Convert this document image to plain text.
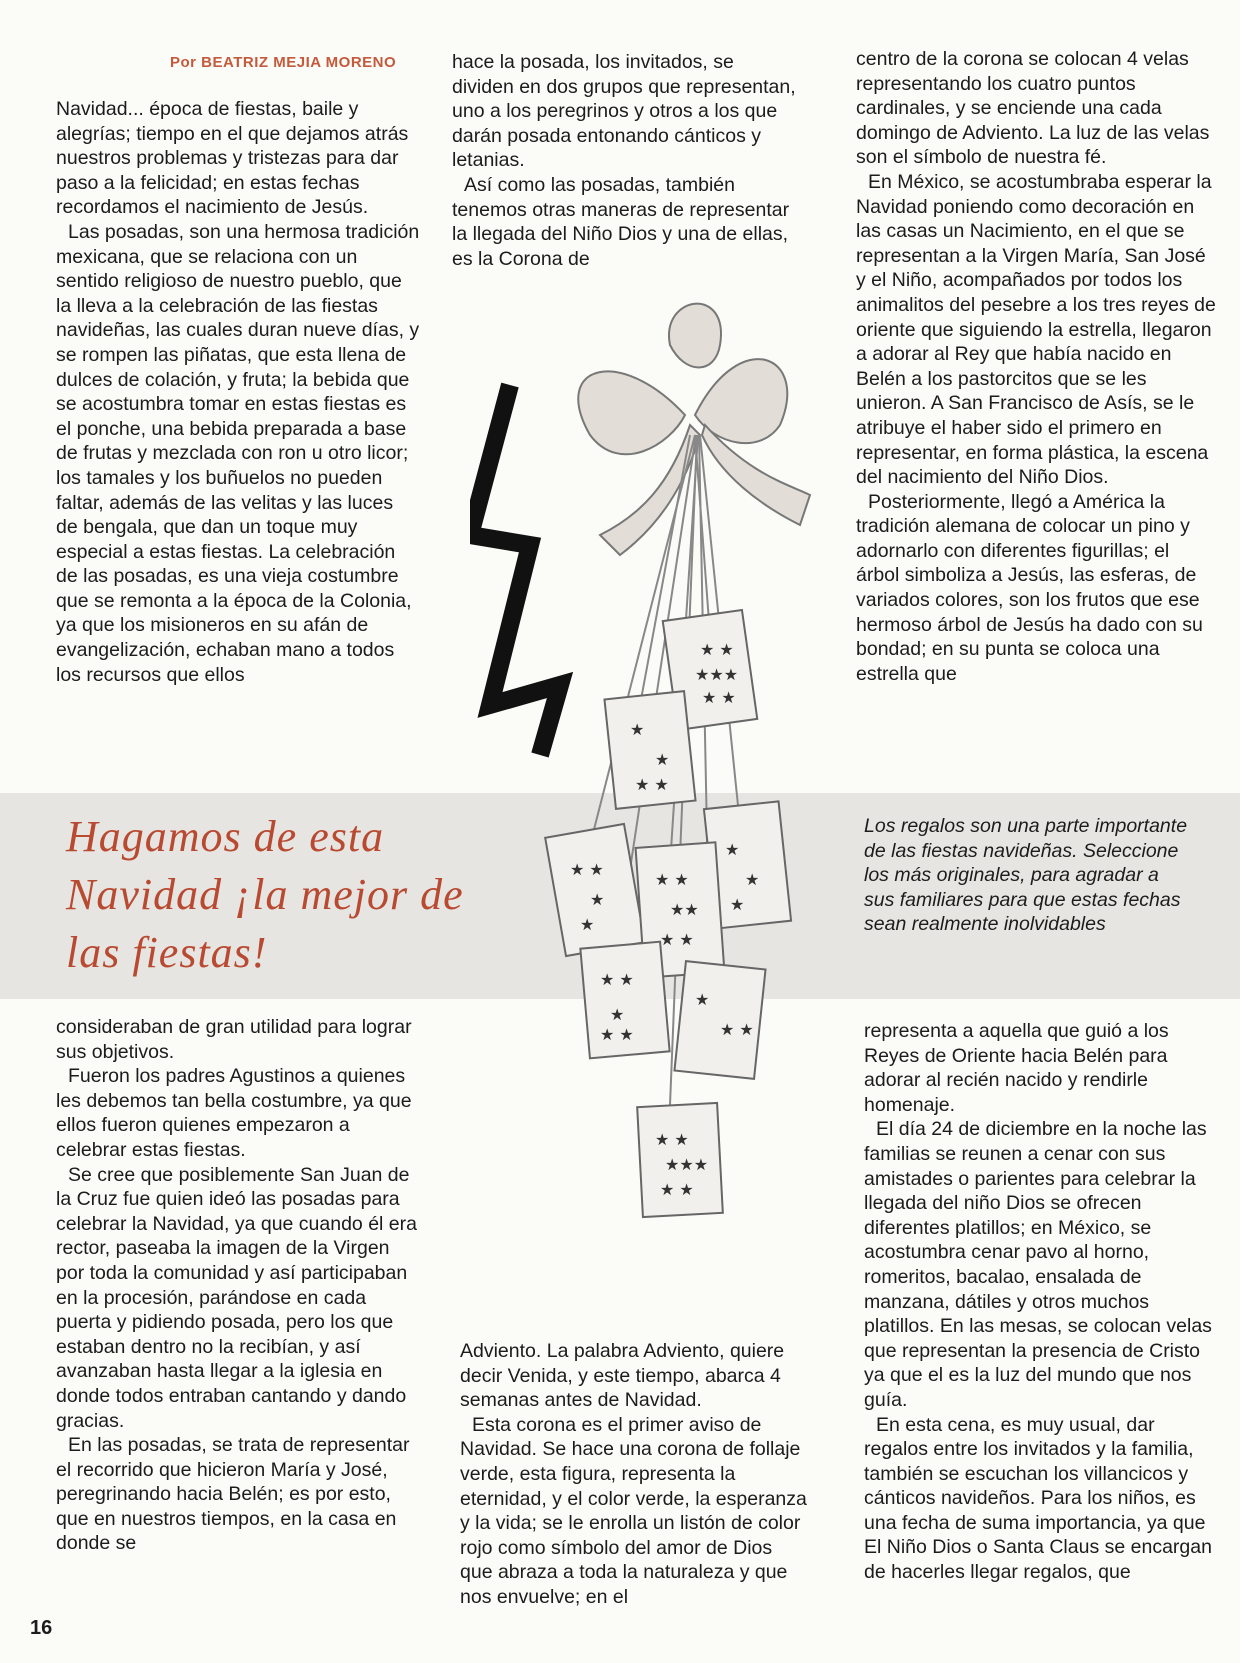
Por BEATRIZ MEJIA MORENO

Navidad... época de fiestas, baile y alegrías; tiempo en el que dejamos atrás nuestros problemas y tristezas para dar paso a la felicidad; en estas fechas recordamos el nacimiento de Jesús.

Las posadas, son una hermosa tradición mexicana, que se relaciona con un sentido religioso de nuestro pueblo, que la lleva a la celebración de las fiestas navideñas, las cuales duran nueve días, y se rompen las piñatas, que esta llena de dulces de colación, y fruta; la bebida que se acostumbra tomar en estas fiestas es el ponche, una bebida preparada a base de frutas y mezclada con ron u otro licor; los tamales y los buñuelos no pueden faltar, además de las velitas y las luces de bengala, que dan un toque muy especial a estas fiestas. La celebración de las posadas, es una vieja costumbre que se remonta a la época de la Colonia, ya que los misioneros en su afán de evangelización, echaban mano a todos los recursos que ellos

hace la posada, los invitados, se dividen en dos grupos que representan, uno a los peregrinos y otros a los que darán posada entonando cánticos y letanias.

Así como las posadas, también tenemos otras maneras de representar la llegada del Niño Dios y una de ellas, es la Corona de

centro de la corona se colocan 4 velas representando los cuatro puntos cardinales, y se enciende una cada domingo de Adviento. La luz de las velas son el símbolo de nuestra fé.

En México, se acostumbraba esperar la Navidad poniendo como decoración en las casas un Nacimiento, en el que se representan a la Virgen María, San José y el Niño, acompañados por todos los animalitos del pesebre a los tres reyes de oriente que siguiendo la estrella, llegaron a adorar al Rey que había nacido en Belén a los pastorcitos que se les unieron. A San Francisco de Asís, se le atribuye el haber sido el primero en representar, en forma plástica, la escena del nacimiento del Niño Dios.

Posteriormente, llegó a América la tradición alemana de colocar un pino y adornarlo con diferentes figurillas; el árbol simboliza a Jesús, las esferas, de variados colores, son los frutos que ese hermoso árbol de Jesús ha dado con su bondad; en su punta se coloca una estrella que

Hagamos de esta Navidad ¡la mejor de las fiestas!
Los regalos son una parte importante de las fiestas navideñas. Seleccione los más originales, para agradar a sus familiares para que estas fechas sean realmente inolvidables
★ ★
★★★
★ ★
★
★
★ ★
★
★
★
★ ★
★
★
★ ★
★★
★ ★
★ ★
★
★ ★
★
★ ★
★ ★
★★★
★ ★

consideraban de gran utilidad para lograr sus objetivos.

Fueron los padres Agustinos a quienes les debemos tan bella costumbre, ya que ellos fueron quienes empezaron a celebrar estas fiestas.

Se cree que posiblemente San Juan de la Cruz fue quien ideó las posadas para celebrar la Navidad, ya que cuando él era rector, paseaba la imagen de la Virgen por toda la comunidad y así participaban en la procesión, parándose en cada puerta y pidiendo posada, pero los que estaban dentro no la recibían, y así avanzaban hasta llegar a la iglesia en donde todos entraban cantando y dando gracias.

En las posadas, se trata de representar el recorrido que hicieron María y José, peregrinando hacia Belén; es por esto, que en nuestros tiempos, en la casa en donde se

Adviento. La palabra Adviento, quiere decir Venida, y este tiempo, abarca 4 semanas antes de Navidad.

Esta corona es el primer aviso de Navidad. Se hace una corona de follaje verde, esta figura, representa la eternidad, y el color verde, la esperanza y la vida; se le enrolla un listón de color rojo como símbolo del amor de Dios que abraza a toda la naturaleza y que nos envuelve; en el

representa a aquella que guió a los Reyes de Oriente hacia Belén para adorar al recién nacido y rendirle homenaje.

El día 24 de diciembre en la noche las familias se reunen a cenar con sus amistades o parientes para celebrar la llegada del niño Dios se ofrecen diferentes platillos; en México, se acostumbra cenar pavo al horno, romeritos, bacalao, ensalada de manzana, dátiles y otros muchos platillos. En las mesas, se colocan velas que representan la presencia de Cristo ya que el es la luz del mundo que nos guía.

En esta cena, es muy usual, dar regalos entre los invitados y la familia, también se escuchan los villancicos y cánticos navideños. Para los niños, es una fecha de suma importancia, ya que El Niño Dios o Santa Claus se encargan de hacerles llegar regalos, que

16
